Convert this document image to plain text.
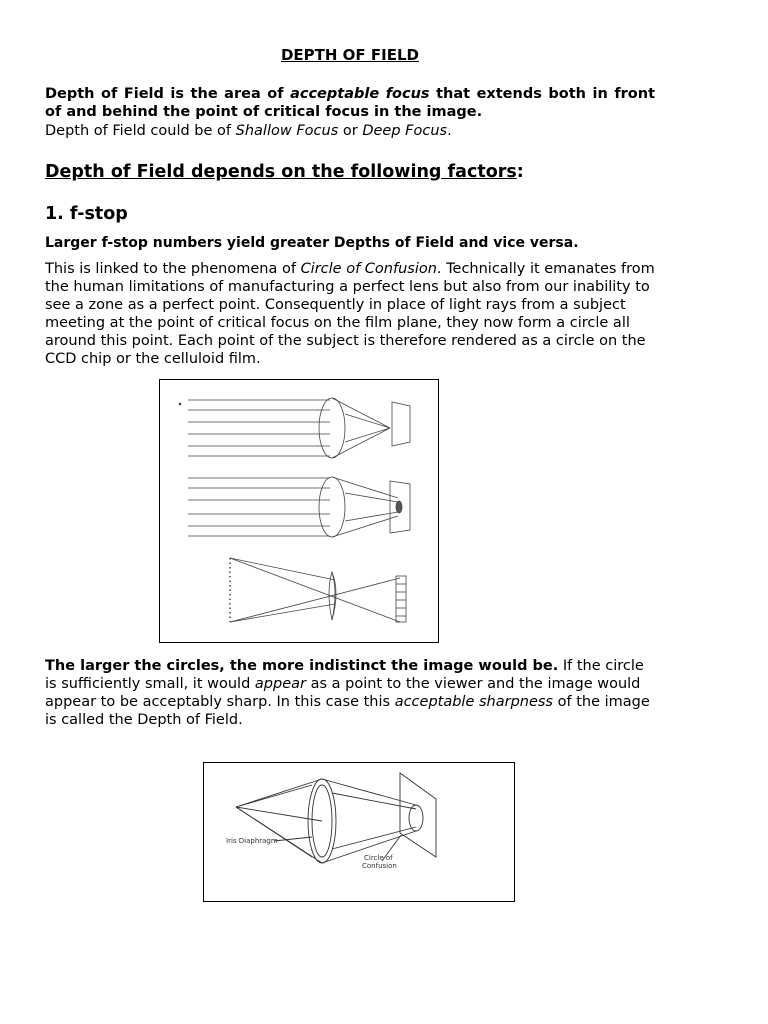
DEPTH OF FIELD
Depth of Field is the area of acceptable focus that extends both in front of and behind the point of critical focus in the image.
Depth of Field could be of Shallow Focus or Deep Focus.
Depth of Field depends on the following factors:
1. f-stop
Larger f-stop numbers yield greater Depths of Field and vice versa.
This is linked to the phenomena of Circle of Confusion. Technically it emanates from the human limitations of manufacturing a perfect lens but also from our inability to see a zone as a perfect point. Consequently in place of light rays from a subject meeting at the point of critical focus on the film plane, they now form a circle all around this point. Each point of the subject is therefore rendered as a circle on the CCD chip or the celluloid film.
The larger the circles, the more indistinct the image would be. If the circle is sufficiently small, it would appear as a point to the viewer and the image would appear to be acceptably sharp. In this case this acceptable sharpness of the image is called the Depth of Field.
Iris Diaphragm
Circle of
Confusion
